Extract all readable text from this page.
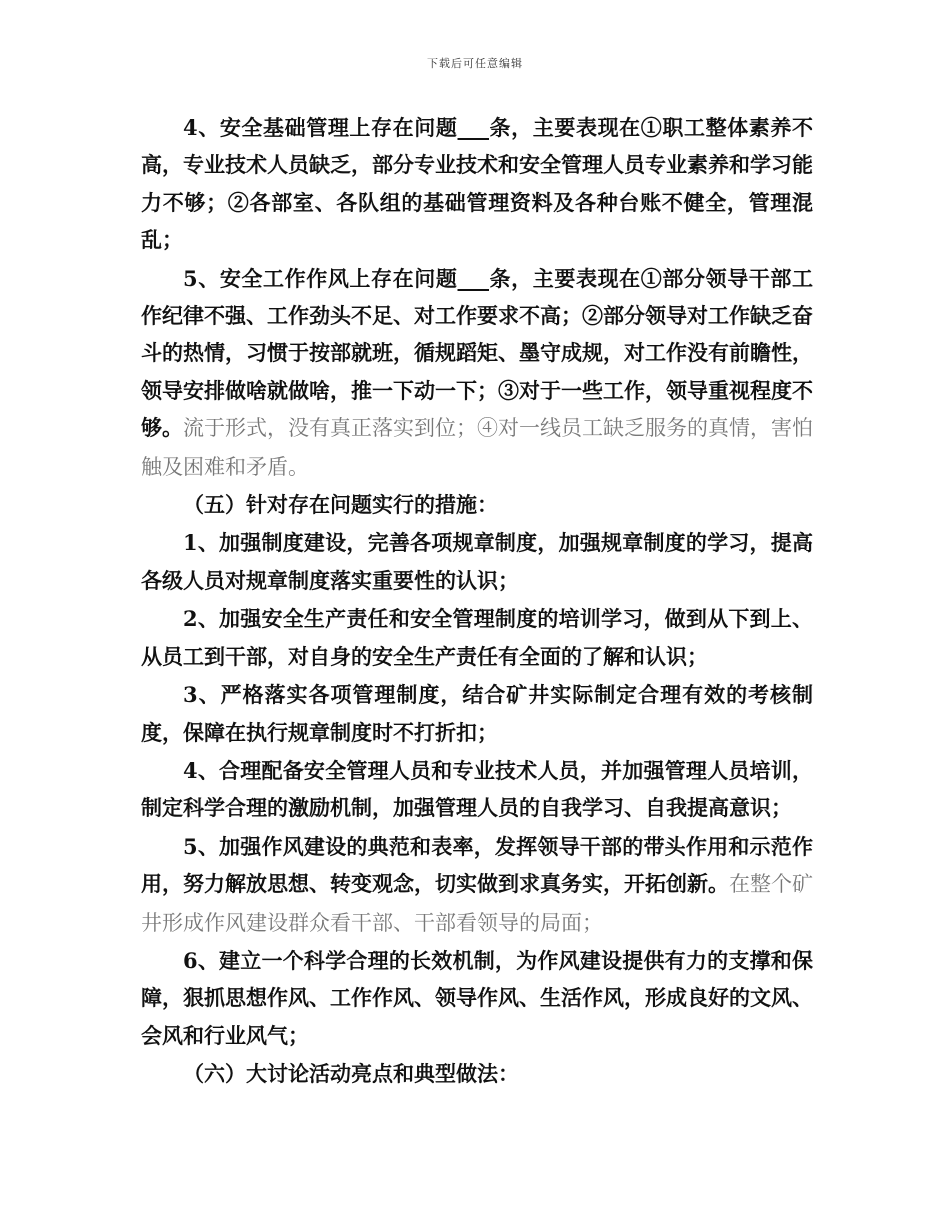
下载后可任意编辑

4、安全基础管理上存在问题___条，主要表现在①职工整体素养不高，专业技术人员缺乏，部分专业技术和安全管理人员专业素养和学习能力不够；②各部室、各队组的基础管理资料及各种台账不健全，管理混乱；

5、安全工作作风上存在问题___条，主要表现在①部分领导干部工作纪律不强、工作劲头不足、对工作要求不高；②部分领导对工作缺乏奋斗的热情，习惯于按部就班，循规蹈矩、墨守成规，对工作没有前瞻性，领导安排做啥就做啥，推一下动一下；③对于一些工作，领导重视程度不够。流于形式，没有真正落实到位；④对一线员工缺乏服务的真情，害怕触及困难和矛盾。

（五）针对存在问题实行的措施：

1、加强制度建设，完善各项规章制度，加强规章制度的学习，提高各级人员对规章制度落实重要性的认识；

2、加强安全生产责任和安全管理制度的培训学习，做到从下到上、从员工到干部，对自身的安全生产责任有全面的了解和认识；

3、严格落实各项管理制度，结合矿井实际制定合理有效的考核制度，保障在执行规章制度时不打折扣；

4、合理配备安全管理人员和专业技术人员，并加强管理人员培训，制定科学合理的激励机制，加强管理人员的自我学习、自我提高意识；

5、加强作风建设的典范和表率，发挥领导干部的带头作用和示范作用，努力解放思想、转变观念，切实做到求真务实，开拓创新。在整个矿井形成作风建设群众看干部、干部看领导的局面；

6、建立一个科学合理的长效机制，为作风建设提供有力的支撑和保障，狠抓思想作风、工作作风、领导作风、生活作风，形成良好的文风、会风和行业风气；

（六）大讨论活动亮点和典型做法：
